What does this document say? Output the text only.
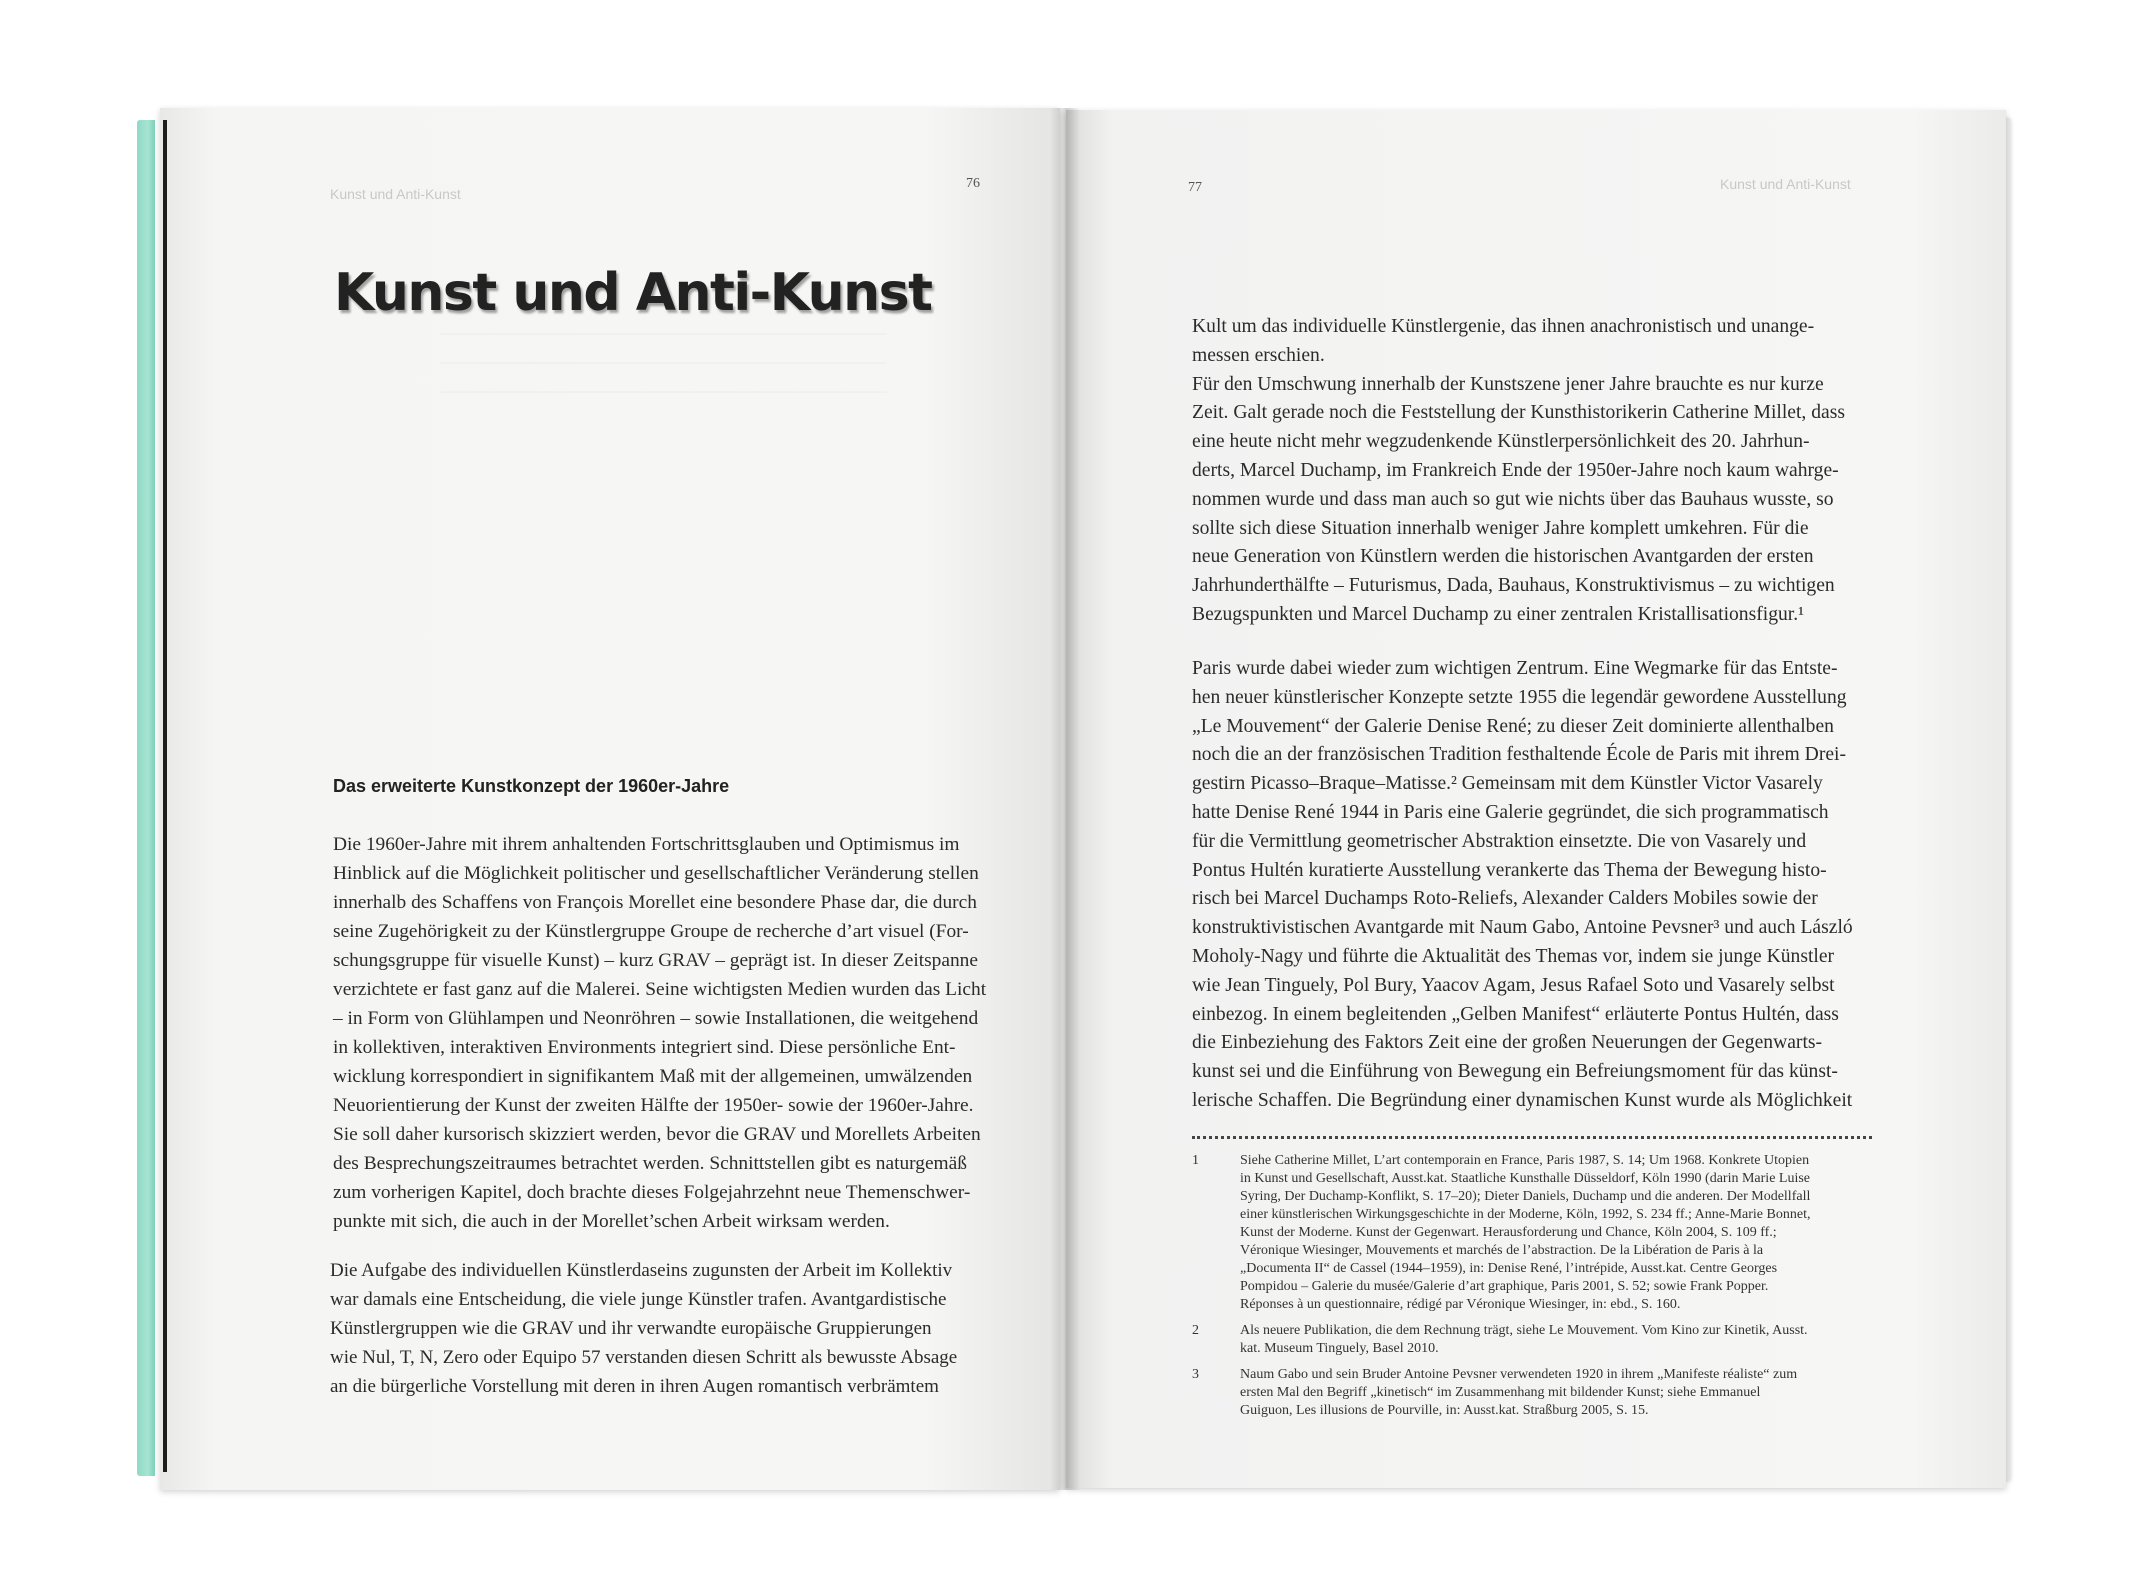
76	77
Kunst und Anti-Kunst
Kunst und Anti-Kunst
Kunst und Anti-Kunst
Das erweiterte Kunstkonzept der 1960er-Jahre
Die 1960er-Jahre mit ihrem anhaltenden Fortschrittsglauben und Optimismus im
Hinblick auf die Möglichkeit politischer und gesellschaftlicher Veränderung stellen
innerhalb des Schaffens von François Morellet eine besondere Phase dar, die durch
seine Zugehörigkeit zu der Künstlergruppe Groupe de recherche d’art visuel (For-
schungsgruppe für visuelle Kunst) – kurz GRAV – geprägt ist. In dieser Zeitspanne
verzichtete er fast ganz auf die Malerei. Seine wichtigsten Medien wurden das Licht
– in Form von Glühlampen und Neonröhren – sowie Installationen, die weitgehend
in kollektiven, interaktiven Environments integriert sind. Diese persönliche Ent-
wicklung korrespondiert in signifikantem Maß mit der allgemeinen, umwälzenden
Neuorientierung der Kunst der zweiten Hälfte der 1950er- sowie der 1960er-Jahre.
Sie soll daher kursorisch skizziert werden, bevor die GRAV und Morellets Arbeiten
des Besprechungszeitraumes betrachtet werden. Schnittstellen gibt es naturgemäß
zum vorherigen Kapitel, doch brachte dieses Folgejahrzehnt neue Themenschwer-
punkte mit sich, die auch in der Morellet’schen Arbeit wirksam werden.
Die Aufgabe des individuellen Künstlerdaseins zugunsten der Arbeit im Kollektiv
war damals eine Entscheidung, die viele junge Künstler trafen. Avantgardistische
Künstlergruppen wie die GRAV und ihr verwandte europäische Gruppierungen
wie Nul, T, N, Zero oder Equipo 57 verstanden diesen Schritt als bewusste Absage
an die bürgerliche Vorstellung mit deren in ihren Augen romantisch verbrämtem
Kult um das individuelle Künstlergenie, das ihnen anachronistisch und unange-
messen erschien.
Für den Umschwung innerhalb der Kunstszene jener Jahre brauchte es nur kurze
Zeit. Galt gerade noch die Feststellung der Kunsthistorikerin Catherine Millet, dass
eine heute nicht mehr wegzudenkende Künstlerpersönlichkeit des 20. Jahrhun-
derts, Marcel Duchamp, im Frankreich Ende der 1950er-Jahre noch kaum wahrge-
nommen wurde und dass man auch so gut wie nichts über das Bauhaus wusste, so
sollte sich diese Situation innerhalb weniger Jahre komplett umkehren. Für die
neue Generation von Künstlern werden die historischen Avantgarden der ersten
Jahrhunderthälfte – Futurismus, Dada, Bauhaus, Konstruktivismus – zu wichtigen
Bezugspunkten und Marcel Duchamp zu einer zentralen Kristallisationsfigur.¹
Paris wurde dabei wieder zum wichtigen Zentrum. Eine Wegmarke für das Entste-
hen neuer künstlerischer Konzepte setzte 1955 die legendär gewordene Ausstellung
„Le Mouvement“ der Galerie Denise René; zu dieser Zeit dominierte allenthalben
noch die an der französischen Tradition festhaltende École de Paris mit ihrem Drei-
gestirn Picasso–Braque–Matisse.² Gemeinsam mit dem Künstler Victor Vasarely
hatte Denise René 1944 in Paris eine Galerie gegründet, die sich programmatisch
für die Vermittlung geometrischer Abstraktion einsetzte. Die von Vasarely und
Pontus Hultén kuratierte Ausstellung verankerte das Thema der Bewegung histo-
risch bei Marcel Duchamps Roto-Reliefs, Alexander Calders Mobiles sowie der
konstruktivistischen Avantgarde mit Naum Gabo, Antoine Pevsner³ und auch László
Moholy-Nagy und führte die Aktualität des Themas vor, indem sie junge Künstler
wie Jean Tinguely, Pol Bury, Yaacov Agam, Jesus Rafael Soto und Vasarely selbst
einbezog. In einem begleitenden „Gelben Manifest“ erläuterte Pontus Hultén, dass
die Einbeziehung des Faktors Zeit eine der großen Neuerungen der Gegenwarts-
kunst sei und die Einführung von Bewegung ein Befreiungsmoment für das künst-
lerische Schaffen. Die Begründung einer dynamischen Kunst wurde als Möglichkeit
1	Siehe Catherine Millet, L’art contemporain en France, Paris 1987, S. 14; Um 1968. Konkrete Utopien
in Kunst und Gesellschaft, Ausst.kat. Staatliche Kunsthalle Düsseldorf, Köln 1990 (darin Marie Luise
Syring, Der Duchamp-Konflikt, S. 17–20); Dieter Daniels, Duchamp und die anderen. Der Modellfall
einer künstlerischen Wirkungsgeschichte in der Moderne, Köln, 1992, S. 234 ff.; Anne-Marie Bonnet,
Kunst der Moderne. Kunst der Gegenwart. Herausforderung und Chance, Köln 2004, S. 109 ff.;
Véronique Wiesinger, Mouvements et marchés de l’abstraction. De la Libération de Paris à la
„Documenta II“ de Cassel (1944–1959), in: Denise René, l’intrépide, Ausst.kat. Centre Georges
Pompidou – Galerie du musée/Galerie d’art graphique, Paris 2001, S. 52; sowie Frank Popper.
Réponses à un questionnaire, rédigé par Véronique Wiesinger, in: ebd., S. 160.
2	Als neuere Publikation, die dem Rechnung trägt, siehe Le Mouvement. Vom Kino zur Kinetik, Ausst.
kat. Museum Tinguely, Basel 2010.
3	Naum Gabo und sein Bruder Antoine Pevsner verwendeten 1920 in ihrem „Manifeste réaliste“ zum
ersten Mal den Begriff „kinetisch“ im Zusammenhang mit bildender Kunst; siehe Emmanuel
Guiguon, Les illusions de Pourville, in: Ausst.kat. Straßburg 2005, S. 15.
